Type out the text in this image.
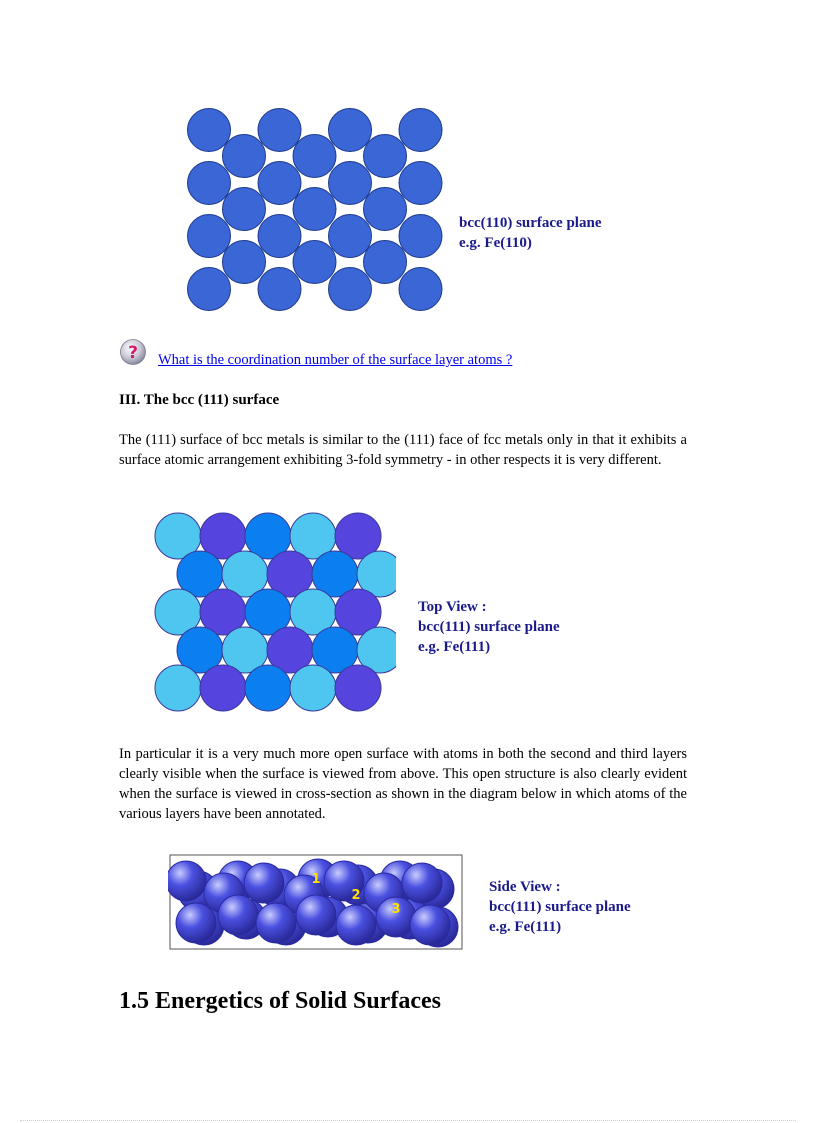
bcc(110) surface plane
e.g. Fe(110)
? What is the coordination number of the surface layer atoms ?
III. The bcc (111) surface
The (111) surface of bcc metals is similar to the (111) face of fcc metals only in that it exhibits a surface atomic arrangement exhibiting 3-fold symmetry - in other respects it is very different.
Top View :
bcc(111) surface plane
e.g. Fe(111)
In particular it is a very much more open surface with atoms in both the second and third layers clearly visible when the surface is viewed from above. This open structure is also clearly evident when the surface is viewed in cross-section as shown in the diagram below in which atoms of the various layers have been annotated.
1
2
3
Side View :
bcc(111) surface plane
e.g. Fe(111)
1.5 Energetics of Solid Surfaces
